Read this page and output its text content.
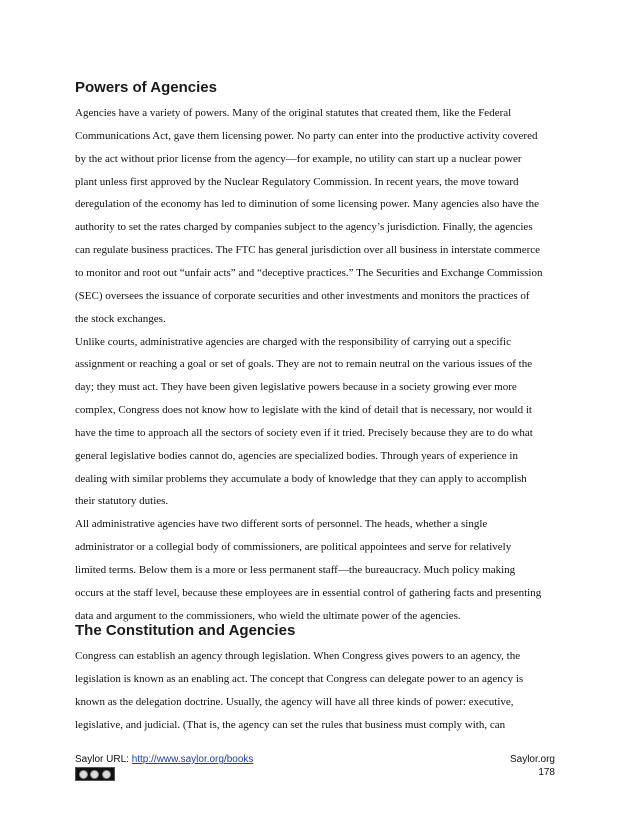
Powers of Agencies

Agencies have a variety of powers. Many of the original statutes that created them, like the Federal

Communications Act, gave them licensing power. No party can enter into the productive activity covered

by the act without prior license from the agency—for example, no utility can start up a nuclear power

plant unless first approved by the Nuclear Regulatory Commission. In recent years, the move toward

deregulation of the economy has led to diminution of some licensing power. Many agencies also have the

authority to set the rates charged by companies subject to the agency’s jurisdiction. Finally, the agencies

can regulate business practices. The FTC has general jurisdiction over all business in interstate commerce

to monitor and root out “unfair acts” and “deceptive practices.” The Securities and Exchange Commission

(SEC) oversees the issuance of corporate securities and other investments and monitors the practices of

the stock exchanges.

Unlike courts, administrative agencies are charged with the responsibility of carrying out a specific

assignment or reaching a goal or set of goals. They are not to remain neutral on the various issues of the

day; they must act. They have been given legislative powers because in a society growing ever more

complex, Congress does not know how to legislate with the kind of detail that is necessary, nor would it

have the time to approach all the sectors of society even if it tried. Precisely because they are to do what

general legislative bodies cannot do, agencies are specialized bodies. Through years of experience in

dealing with similar problems they accumulate a body of knowledge that they can apply to accomplish

their statutory duties.

All administrative agencies have two different sorts of personnel. The heads, whether a single

administrator or a collegial body of commissioners, are political appointees and serve for relatively

limited terms. Below them is a more or less permanent staff—the bureaucracy. Much policy making

occurs at the staff level, because these employees are in essential control of gathering facts and presenting

data and argument to the commissioners, who wield the ultimate power of the agencies.

The Constitution and Agencies

Congress can establish an agency through legislation. When Congress gives powers to an agency, the

legislation is known as an enabling act. The concept that Congress can delegate power to an agency is

known as the delegation doctrine. Usually, the agency will have all three kinds of power: executive,

legislative, and judicial. (That is, the agency can set the rules that business must comply with, can

Saylor URL: http://www.saylor.org/books	Saylor.org
178
